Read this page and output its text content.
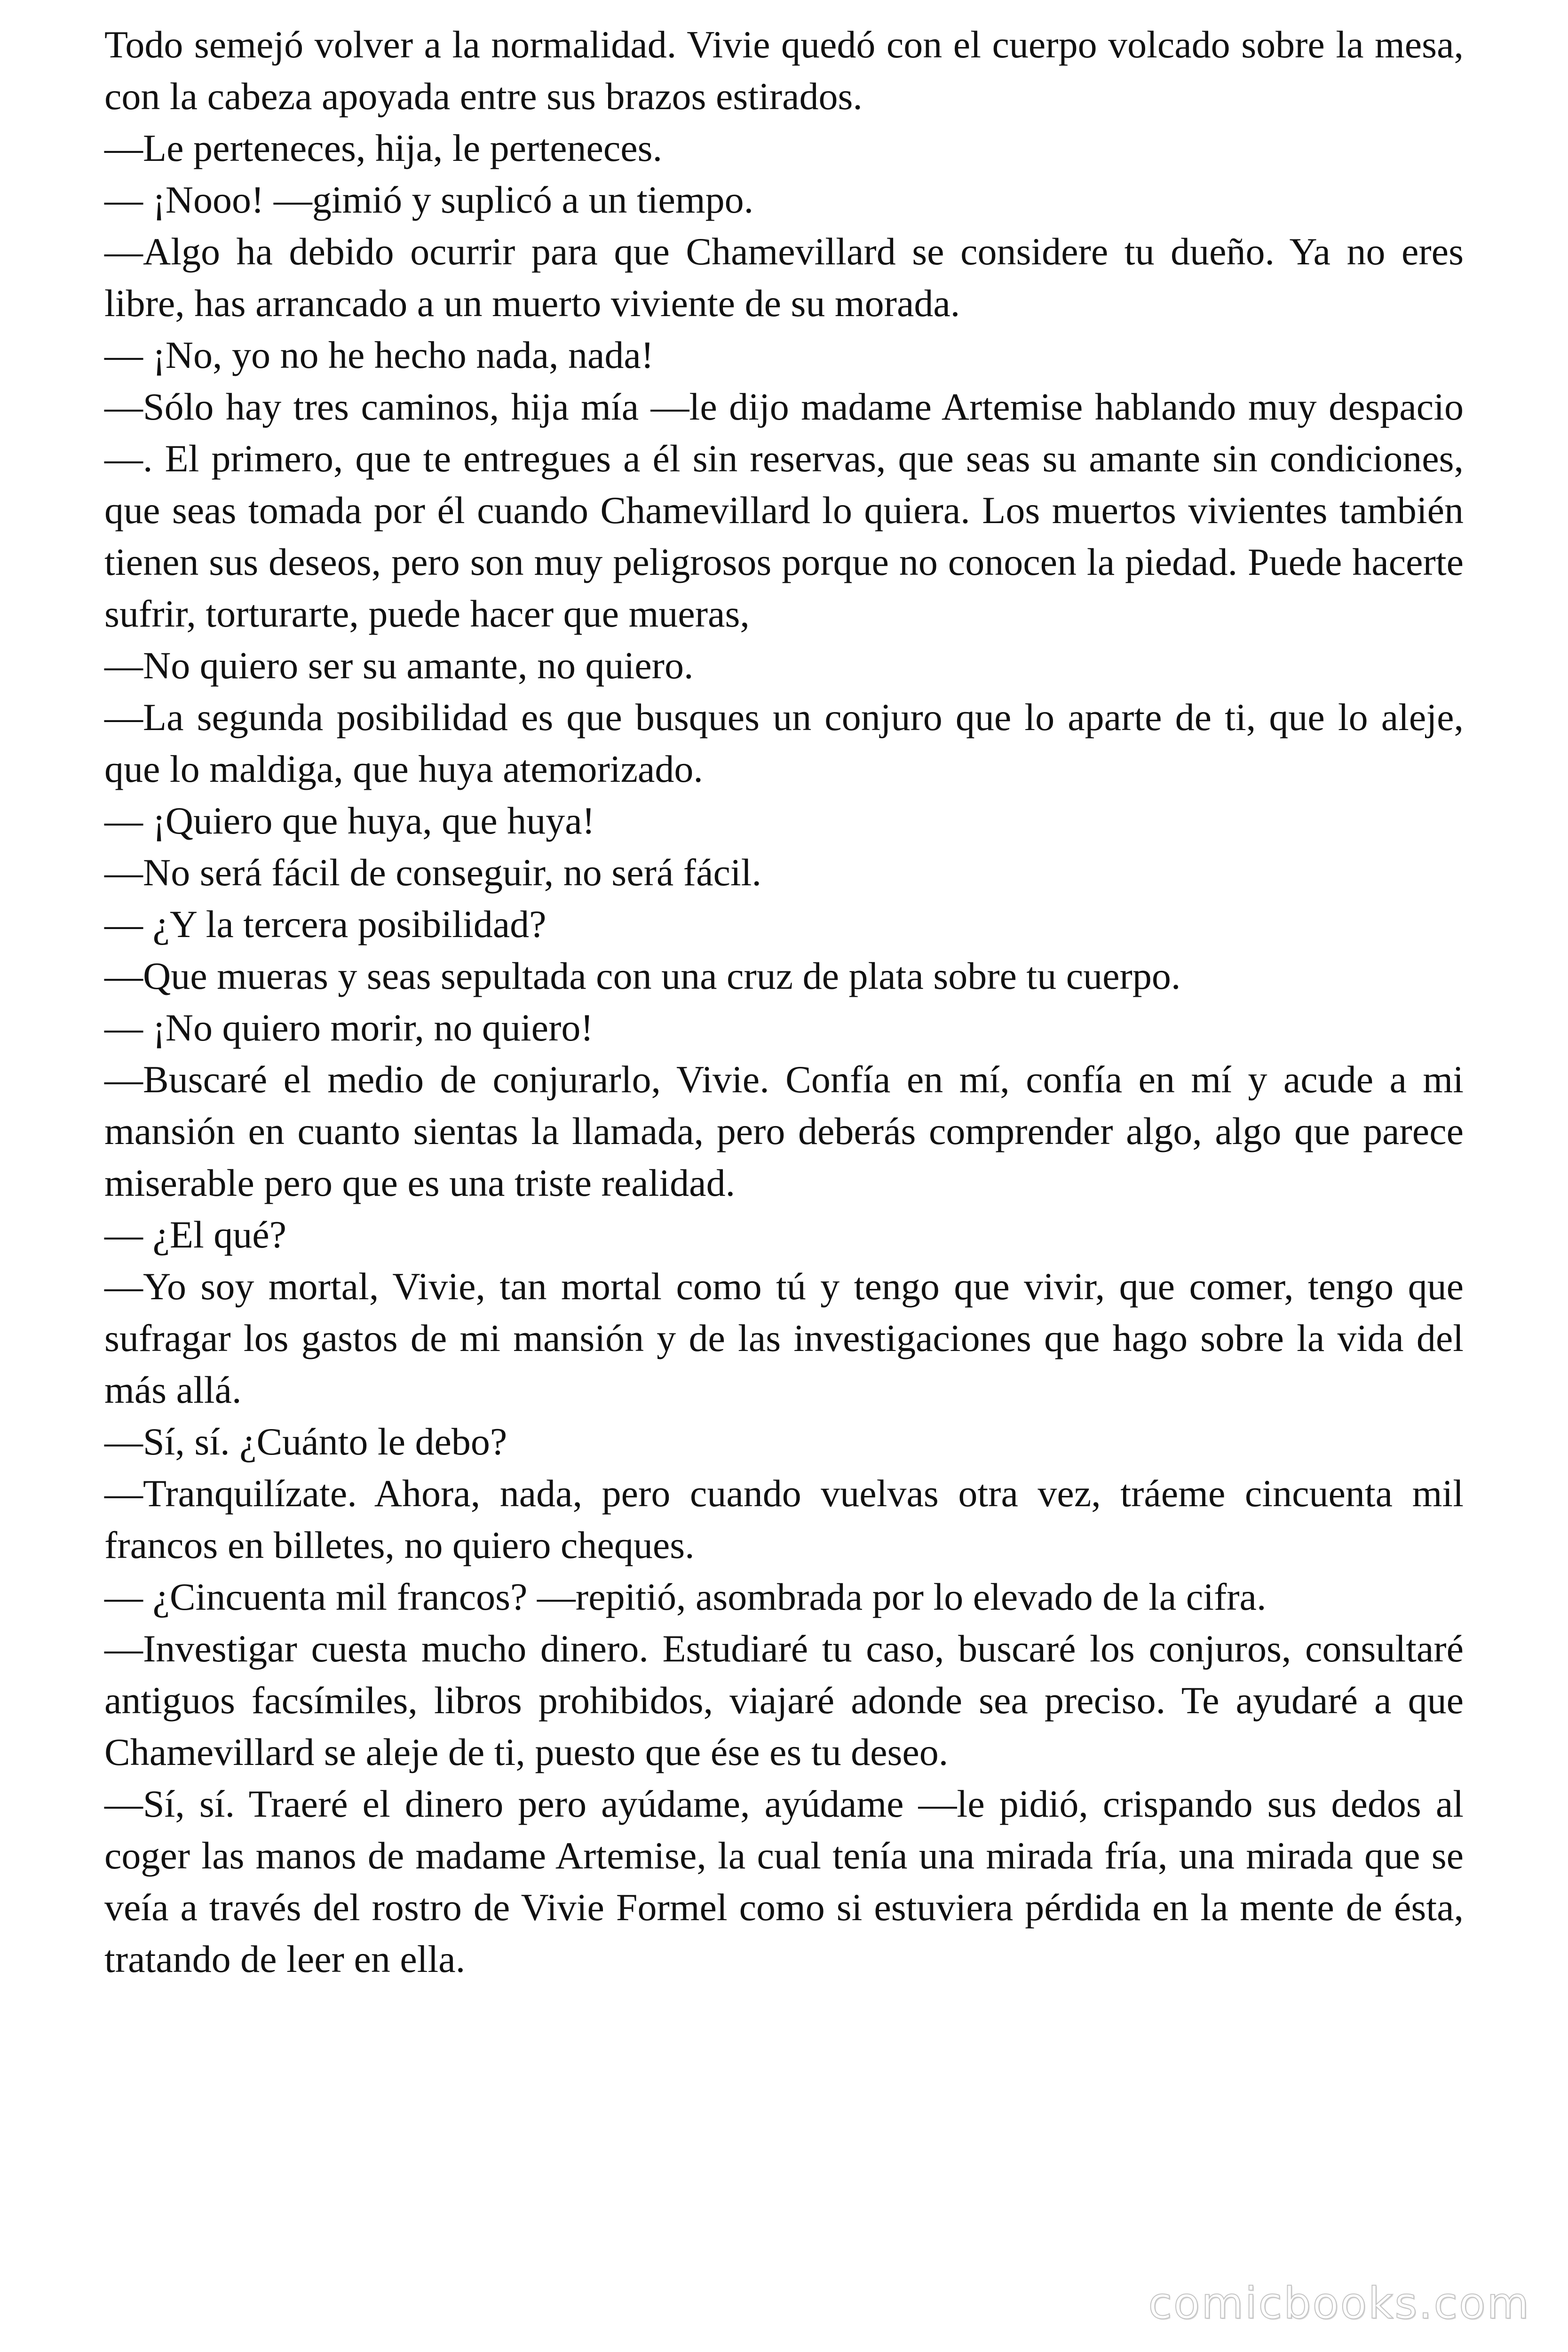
Todo semejó volver a la normalidad. Vivie quedó con el cuerpo volcado sobre la mesa, con la cabeza apoyada entre sus brazos estirados.

—Le perteneces, hija, le perteneces.

— ¡Nooo! —gimió y suplicó a un tiempo.

—Algo ha debido ocurrir para que Chamevillard se considere tu dueño. Ya no eres libre, has arrancado a un muerto viviente de su morada.

— ¡No, yo no he hecho nada, nada!

—Sólo hay tres caminos, hija mía —le dijo madame Artemise hablando muy despacio—. El primero, que te entregues a él sin reservas, que seas su amante sin condiciones, que seas tomada por él cuando Chamevillard lo quiera. Los muertos vivientes también tienen sus deseos, pero son muy peligrosos porque no conocen la piedad. Puede hacerte sufrir, torturarte, puede hacer que mueras,

—No quiero ser su amante, no quiero.

—La segunda posibilidad es que busques un conjuro que lo aparte de ti, que lo aleje, que lo maldiga, que huya atemorizado.

— ¡Quiero que huya, que huya!

—No será fácil de conseguir, no será fácil.

— ¿Y la tercera posibilidad?

—Que mueras y seas sepultada con una cruz de plata sobre tu cuerpo.

— ¡No quiero morir, no quiero!

—Buscaré el medio de conjurarlo, Vivie. Confía en mí, confía en mí y acude a mi mansión en cuanto sientas la llamada, pero deberás comprender algo, algo que parece miserable pero que es una triste realidad.

— ¿El qué?

—Yo soy mortal, Vivie, tan mortal como tú y tengo que vivir, que comer, tengo que sufragar los gastos de mi mansión y de las investigaciones que hago sobre la vida del más allá.

—Sí, sí. ¿Cuánto le debo?

—Tranquilízate. Ahora, nada, pero cuando vuelvas otra vez, tráeme cincuenta mil francos en billetes, no quiero cheques.

— ¿Cincuenta mil francos? —repitió, asombrada por lo elevado de la cifra.

—Investigar cuesta mucho dinero. Estudiaré tu caso, buscaré los conjuros, consultaré antiguos facsímiles, libros prohibidos, viajaré adonde sea preciso. Te ayudaré a que Chamevillard se aleje de ti, puesto que ése es tu deseo.

—Sí, sí. Traeré el dinero pero ayúdame, ayúdame —le pidió, crispando sus dedos al coger las manos de madame Artemise, la cual tenía una mirada fría, una mirada que se veía a través del rostro de Vivie Formel como si estuviera pérdida en la mente de ésta, tratando de leer en ella.

comicbooks.com
